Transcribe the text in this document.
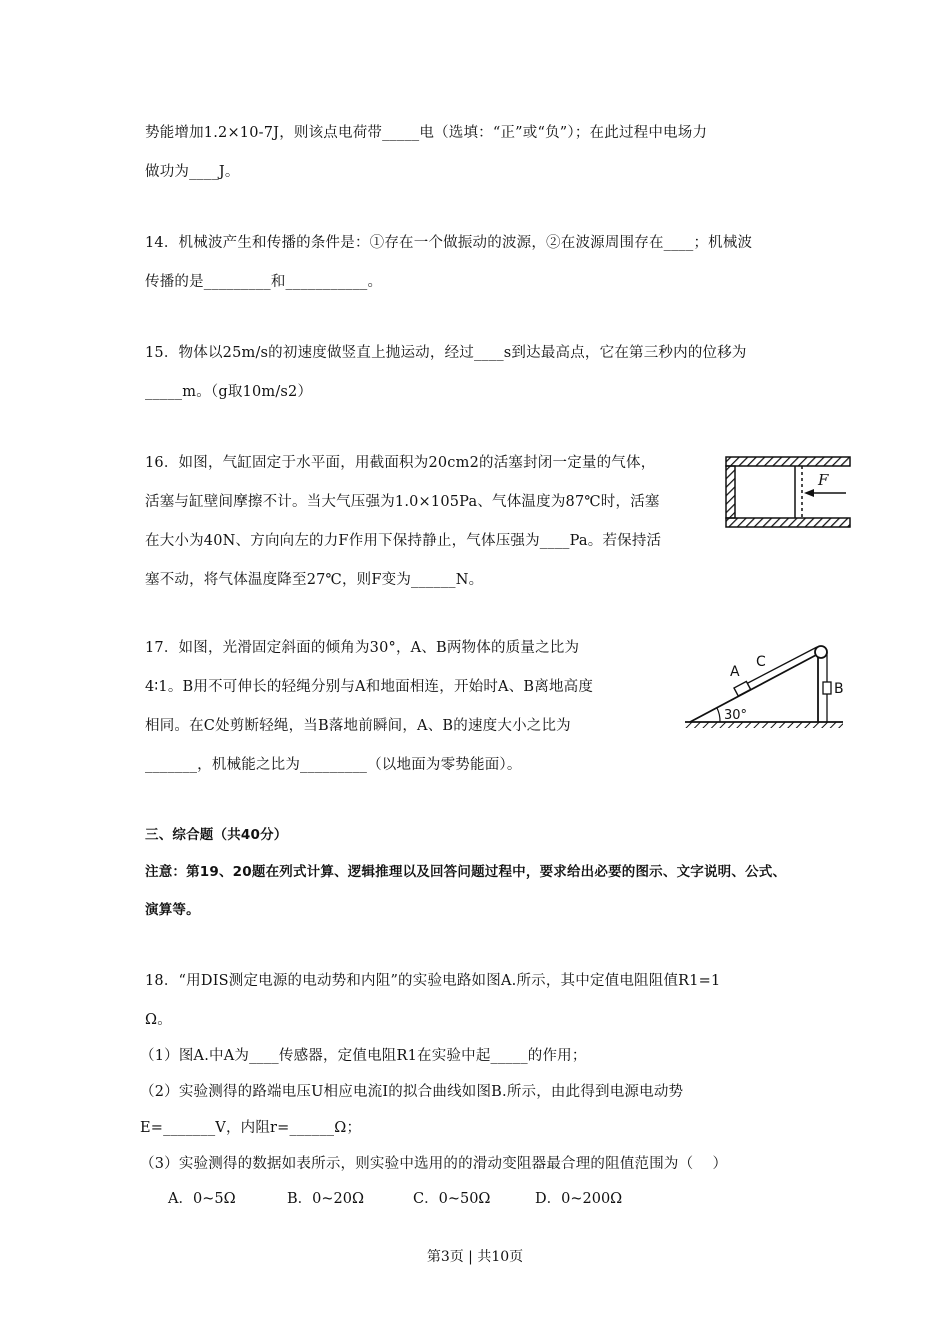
势能增加1.2×10-7J，则该点电荷带_____电（选填：“正”或“负”）；在此过程中电场力
做功为____J。
14．机械波产生和传播的条件是：①存在一个做振动的波源，②在波源周围存在____；机械波
传播的是_________和___________。
15．物体以25m/s的初速度做竖直上抛运动，经过____s到达最高点，它在第三秒内的位移为
_____m。（g取10m/s2）
16．如图，气缸固定于水平面，用截面积为20cm2的活塞封闭一定量的气体，
活塞与缸壁间摩擦不计。当大气压强为1.0×105Pa、气体温度为87℃时，活塞
在大小为40N、方向向左的力F作用下保持静止，气体压强为____Pa。若保持活
塞不动，将气体温度降至27℃，则F变为______N。
F
17．如图，光滑固定斜面的倾角为30°，A、B两物体的质量之比为
4∶1。B用不可伸长的轻绳分别与A和地面相连，开始时A、B离地高度
相同。在C处剪断轻绳，当B落地前瞬间，A、B的速度大小之比为
_______，机械能之比为_________（以地面为零势能面）。
A
C
B
30°
三、综合题（共40分）
注意：第19、20题在列式计算、逻辑推理以及回答问题过程中，要求给出必要的图示、文字说明、公式、
演算等。
18．“用DIS测定电源的电动势和内阻”的实验电路如图A.所示，其中定值电阻阻值R1=1
Ω。
（1）图A.中A为____传感器，定值电阻R1在实验中起_____的作用；
（2）实验测得的路端电压U相应电流I的拟合曲线如图B.所示，由此得到电源电动势
E=_______V，内阻r=______Ω；
（3）实验测得的数据如表所示，则实验中选用的的滑动变阻器最合理的阻值范围为（    ）
A．0~5Ω	B．0~20Ω	C．0~50Ω	D．0~200Ω
第3页 | 共10页
